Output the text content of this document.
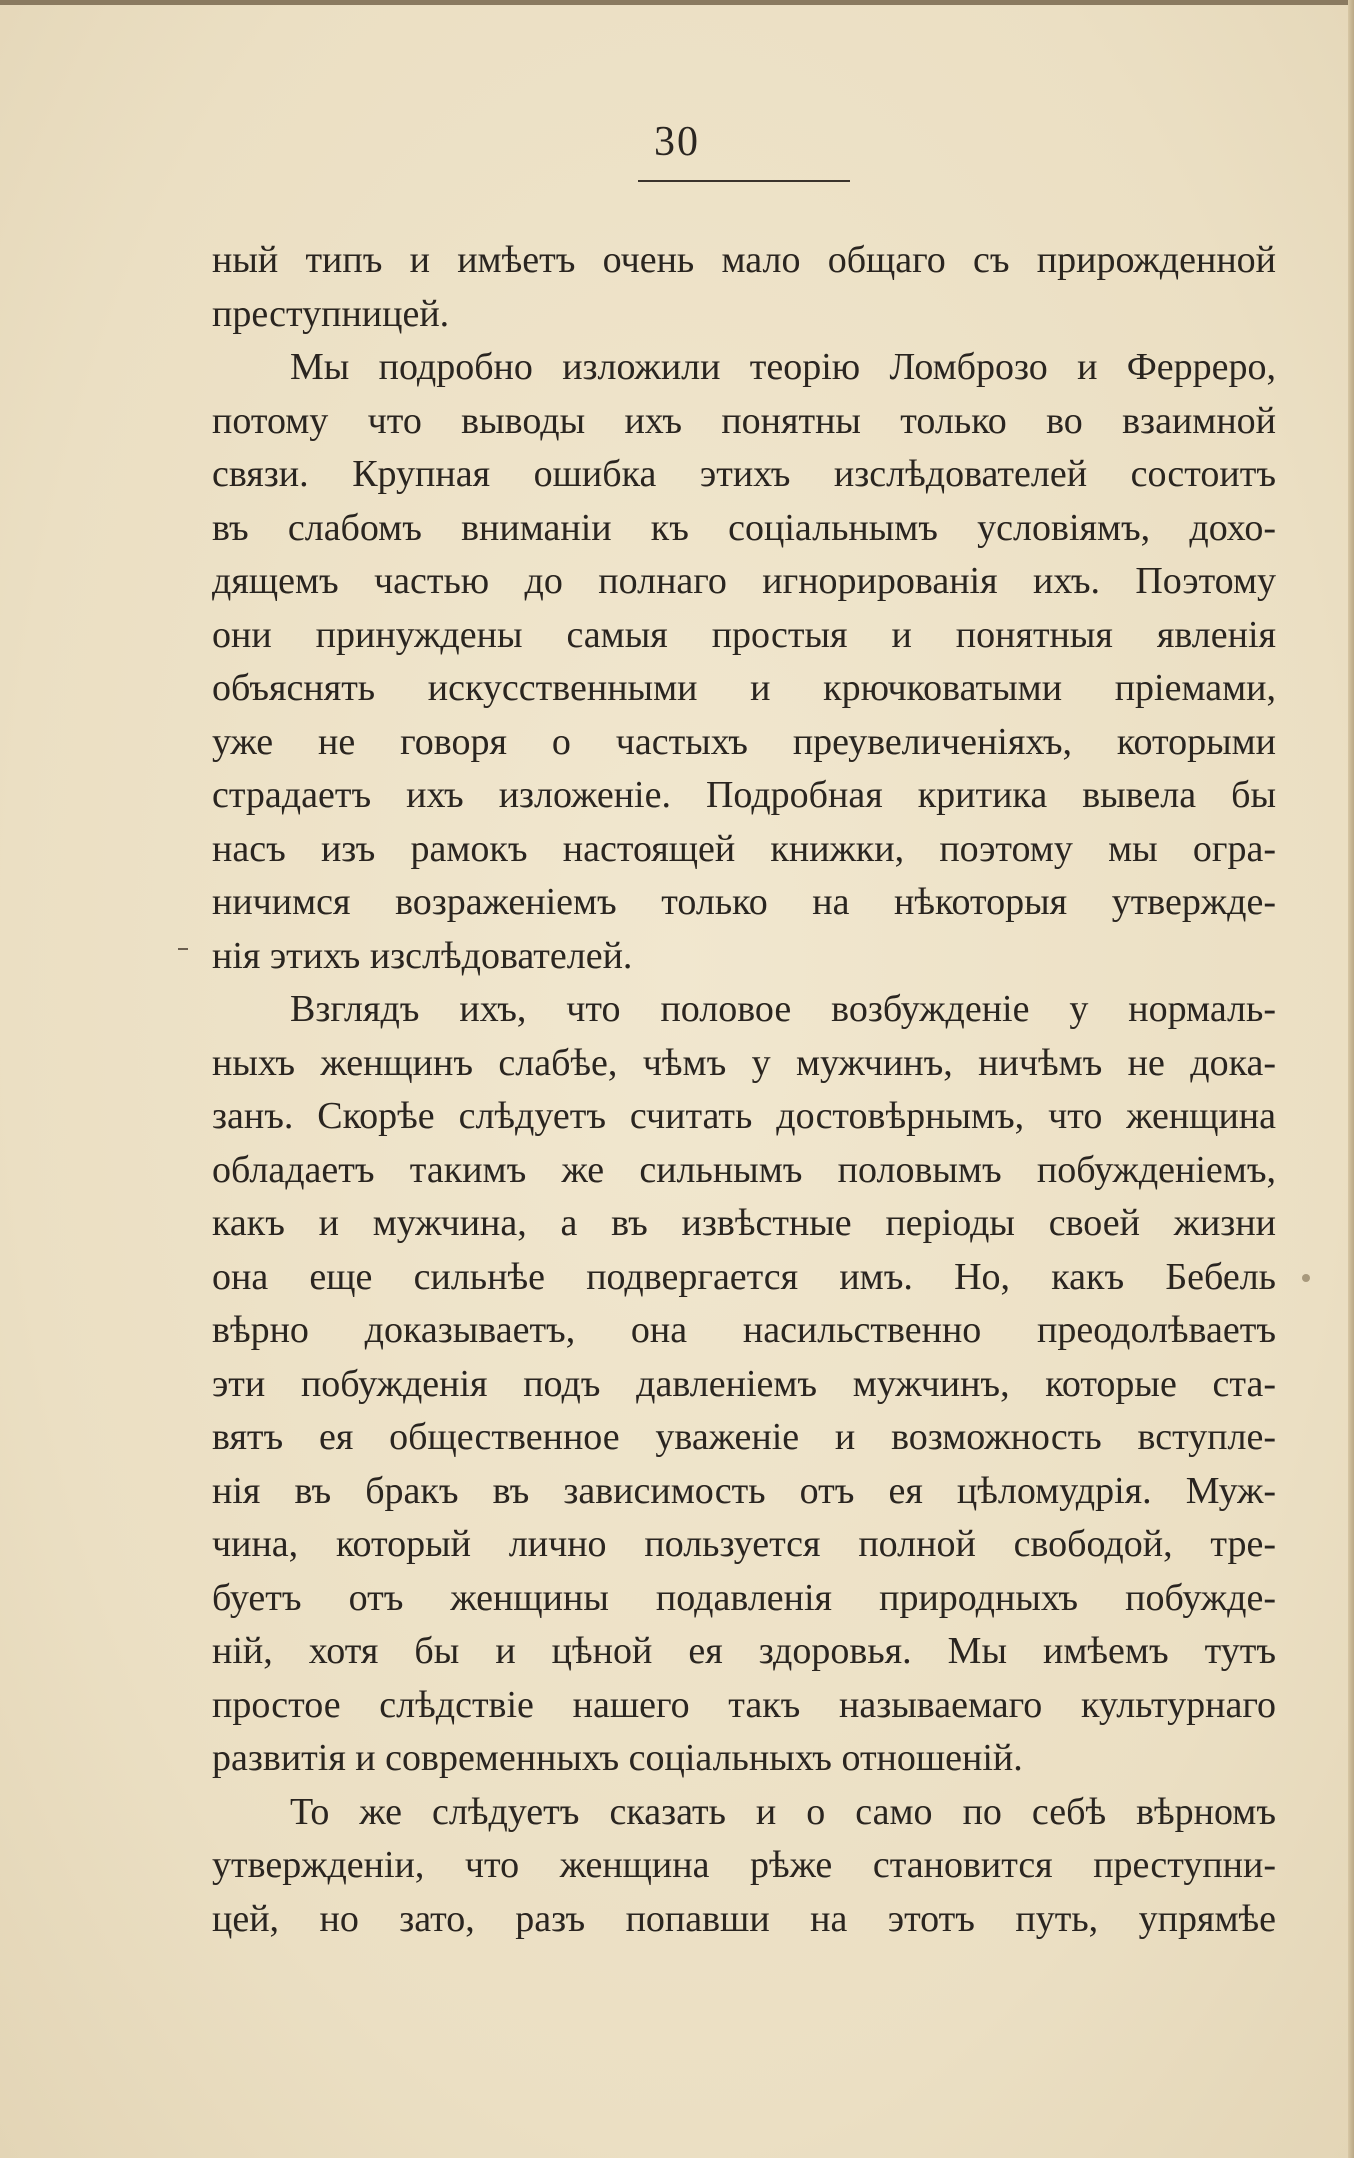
30
ный типъ и имѣетъ очень мало общаго съ прирожденной
преступницей.
Мы подробно изложили теорію Ломброзо и Ферреро,
потому что выводы ихъ понятны только во взаимной
связи. Крупная ошибка этихъ изслѣдователей состоитъ
въ слабомъ вниманіи къ соціальнымъ условіямъ, дохо-
дящемъ частью до полнаго игнорированія ихъ. Поэтому
они принуждены самыя простыя и понятныя явленія
объяснять искусственными и крючковатыми пріемами,
уже не говоря о частыхъ преувеличеніяхъ, которыми
страдаетъ ихъ изложеніе. Подробная критика вывела бы
насъ изъ рамокъ настоящей книжки, поэтому мы огра-
ничимся возраженіемъ только на нѣкоторыя утвержде-
нія этихъ изслѣдователей.
Взглядъ ихъ, что половое возбужденіе у нормаль-
ныхъ женщинъ слабѣе, чѣмъ у мужчинъ, ничѣмъ не дока-
занъ. Скорѣе слѣдуетъ считать достовѣрнымъ, что женщина
обладаетъ такимъ же сильнымъ половымъ побужденіемъ,
какъ и мужчина, а въ извѣстные періоды своей жизни
она еще сильнѣе подвергается имъ. Но, какъ Бебель
вѣрно доказываетъ, она насильственно преодолѣваетъ
эти побужденія подъ давленіемъ мужчинъ, которые ста-
вятъ ея общественное уваженіе и возможность вступле-
нія въ бракъ въ зависимость отъ ея цѣломудрія. Муж-
чина, который лично пользуется полной свободой, тре-
буетъ отъ женщины подавленія природныхъ побужде-
ній, хотя бы и цѣной ея здоровья. Мы имѣемъ тутъ
простое слѣдствіе нашего такъ называемаго культурнаго
развитія и современныхъ соціальныхъ отношеній.
То же слѣдуетъ сказать и о само по себѣ вѣрномъ
утвержденіи, что женщина рѣже становится преступни-
цей, но зато, разъ попавши на этотъ путь, упрямѣе
